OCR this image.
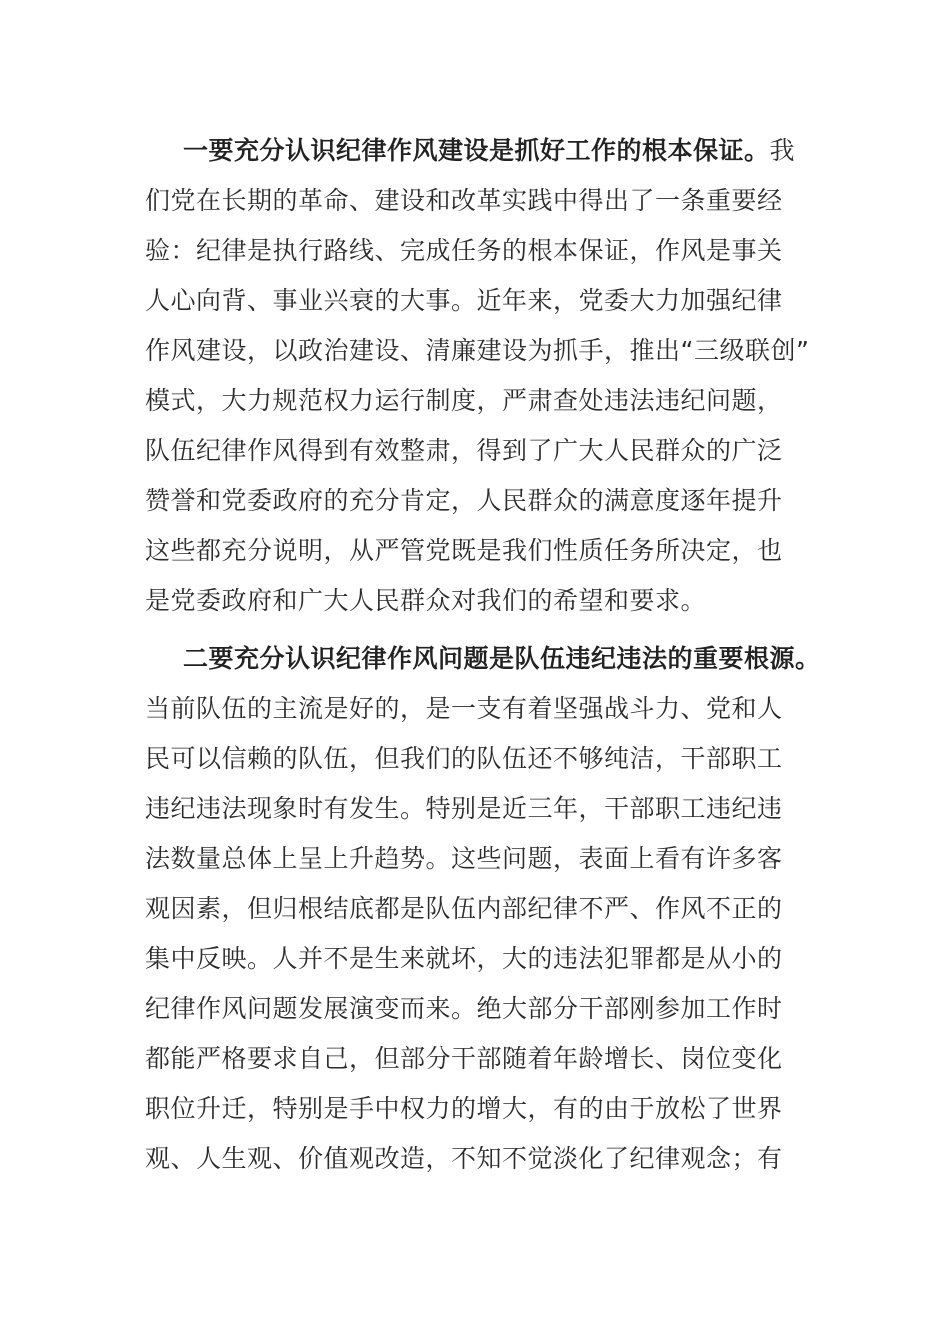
一要充分认识纪律作风建设是抓好工作的根本保证。我
们党在长期的革命、建设和改革实践中得出了一条重要经
验：纪律是执行路线、完成任务的根本保证，作风是事关
人心向背、事业兴衰的大事。近年来，党委大力加强纪律
作风建设，以政治建设、清廉建设为抓手，推出“三级联创”
模式，大力规范权力运行制度，严肃查处违法违纪问题，
队伍纪律作风得到有效整肃，得到了广大人民群众的广泛
赞誉和党委政府的充分肯定，人民群众的满意度逐年提升
这些都充分说明，从严管党既是我们性质任务所决定，也
是党委政府和广大人民群众对我们的希望和要求。
二要充分认识纪律作风问题是队伍违纪违法的重要根源。
当前队伍的主流是好的，是一支有着坚强战斗力、党和人
民可以信赖的队伍，但我们的队伍还不够纯洁，干部职工
违纪违法现象时有发生。特别是近三年，干部职工违纪违
法数量总体上呈上升趋势。这些问题，表面上看有许多客
观因素，但归根结底都是队伍内部纪律不严、作风不正的
集中反映。人并不是生来就坏，大的违法犯罪都是从小的
纪律作风问题发展演变而来。绝大部分干部刚参加工作时
都能严格要求自己，但部分干部随着年龄增长、岗位变化
职位升迁，特别是手中权力的增大，有的由于放松了世界
观、人生观、价值观改造，不知不觉淡化了纪律观念；有
